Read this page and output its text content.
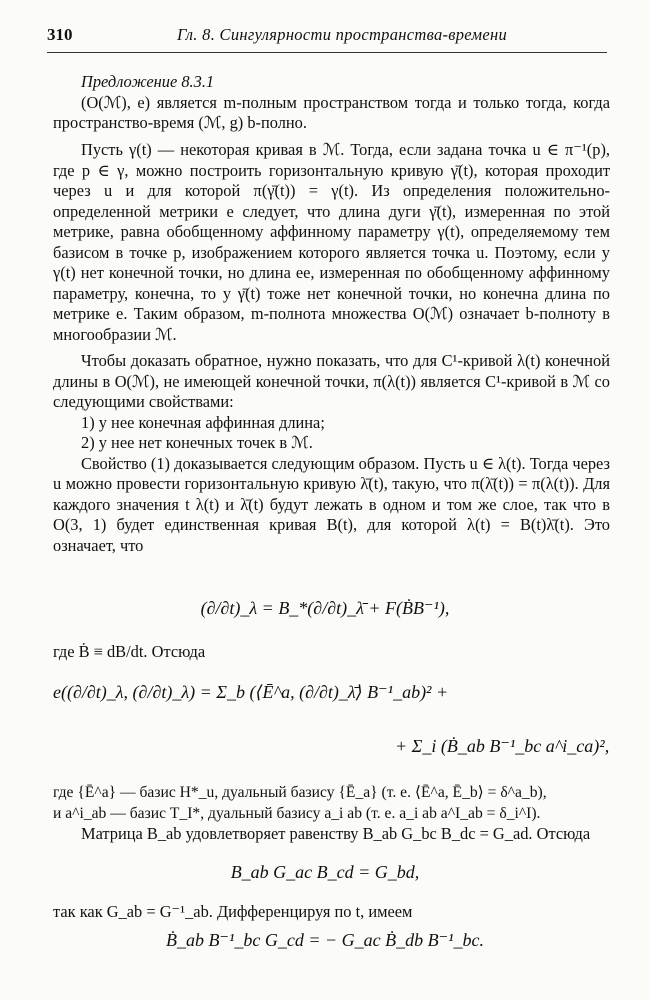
310	Гл. 8. Сингулярности пространства-времени

Предложение 8.3.1

(O(ℳ), e) является m-полным пространством тогда и только тогда, когда пространство-время (ℳ, g) b-полно.

Пусть γ(t) — некоторая кривая в ℳ. Тогда, если задана точка u ∈ π⁻¹(p), где p ∈ γ, можно построить горизонтальную кривую γ̄(t), которая проходит через u и для которой π(γ̄(t)) = γ(t). Из определения положительно-определенной метрики e следует, что длина дуги γ̄(t), измеренная по этой метрике, равна обобщенному аффинному параметру γ(t), определяемому тем базисом в точке p, изображением которого является точка u. Поэтому, если у γ(t) нет конечной точки, но длина ее, измеренная по обобщенному аффинному параметру, конечна, то у γ̄(t) тоже нет конечной точки, но конечна длина по метрике e. Таким образом, m-полнота множества O(ℳ) означает b-полноту в многообразии ℳ.

Чтобы доказать обратное, нужно показать, что для C¹-кривой λ(t) конечной длины в O(ℳ), не имеющей конечной точки, π(λ(t)) является C¹-кривой в ℳ со следующими свойствами:

1) у нее конечная аффинная длина;

2) у нее нет конечных точек в ℳ.

Свойство (1) доказывается следующим образом. Пусть u ∈ λ(t). Тогда через u можно провести горизонтальную кривую λ̄(t), такую, что π(λ̄(t)) = π(λ(t)). Для каждого значения t λ(t) и λ̄(t) будут лежать в одном и том же слое, так что в O(3, 1) будет единственная кривая B(t), для которой λ(t) = B(t)λ̄(t). Это означает, что

(∂/∂t)_λ = B_*(∂/∂t)_λ̄ + F(ḂB⁻¹),
где Ḃ ≡ dB/dt. Отсюда
e((∂/∂t)_λ, (∂/∂t)_λ) = Σ_b (⟨Ē^a, (∂/∂t)_λ̄⟩ B⁻¹_ab)² +
+ Σ_i (Ḃ_ab B⁻¹_bc a^i_ca)²,

где {Ē^a} — базис H*_u, дуальный базису {Ē_a} (т. е. ⟨Ē^a, Ē_b⟩ = δ^a_b),

и a^i_ab — базис T_I*, дуальный базису a_i ab (т. е. a_i ab a^I_ab = δ_i^I).

Матрица B_ab удовлетворяет равенству B_ab G_bc B_dc = G_ad. Отсюда

B_ab G_ac B_cd = G_bd,
так как G_ab = G⁻¹_ab. Дифференцируя по t, имеем
Ḃ_ab B⁻¹_bc G_cd = − G_ac Ḃ_db B⁻¹_bc.
